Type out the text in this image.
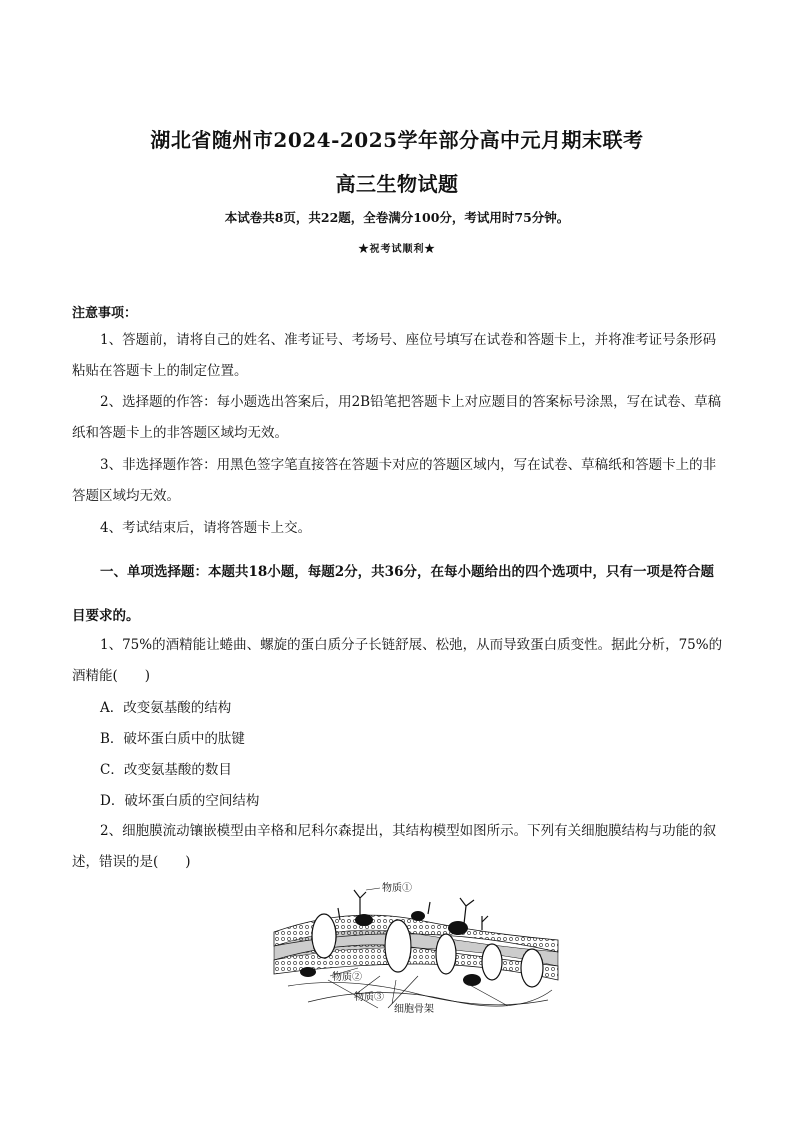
湖北省随州市2024-2025学年部分高中元月期末联考
高三生物试题
本试卷共8页，共22题，全卷满分100分，考试用时75分钟。
★祝考试顺利★
注意事项：
1、答题前，请将自己的姓名、准考证号、考场号、座位号填写在试卷和答题卡上，并将准考证号条形码粘贴在答题卡上的制定位置。
2、选择题的作答：每小题选出答案后，用2B铅笔把答题卡上对应题目的答案标号涂黑，写在试卷、草稿纸和答题卡上的非答题区域均无效。
3、非选择题作答：用黑色签字笔直接答在答题卡对应的答题区域内，写在试卷、草稿纸和答题卡上的非答题区域均无效。
4、考试结束后，请将答题卡上交。
一、单项选择题：本题共18小题，每题2分，共36分，在每小题给出的四个选项中，只有一项是符合题目要求的。
1、75%的酒精能让蜷曲、螺旋的蛋白质分子长链舒展、松弛，从而导致蛋白质变性。据此分析，75%的酒精能(　　)
A．改变氨基酸的结构
B．破坏蛋白质中的肽键
C．改变氨基酸的数目
D．破坏蛋白质的空间结构
2、细胞膜流动镶嵌模型由辛格和尼科尔森提出，其结构模型如图所示。下列有关细胞膜结构与功能的叙述，错误的是(　　)
物质①
物质②
物质③
细胞骨架
